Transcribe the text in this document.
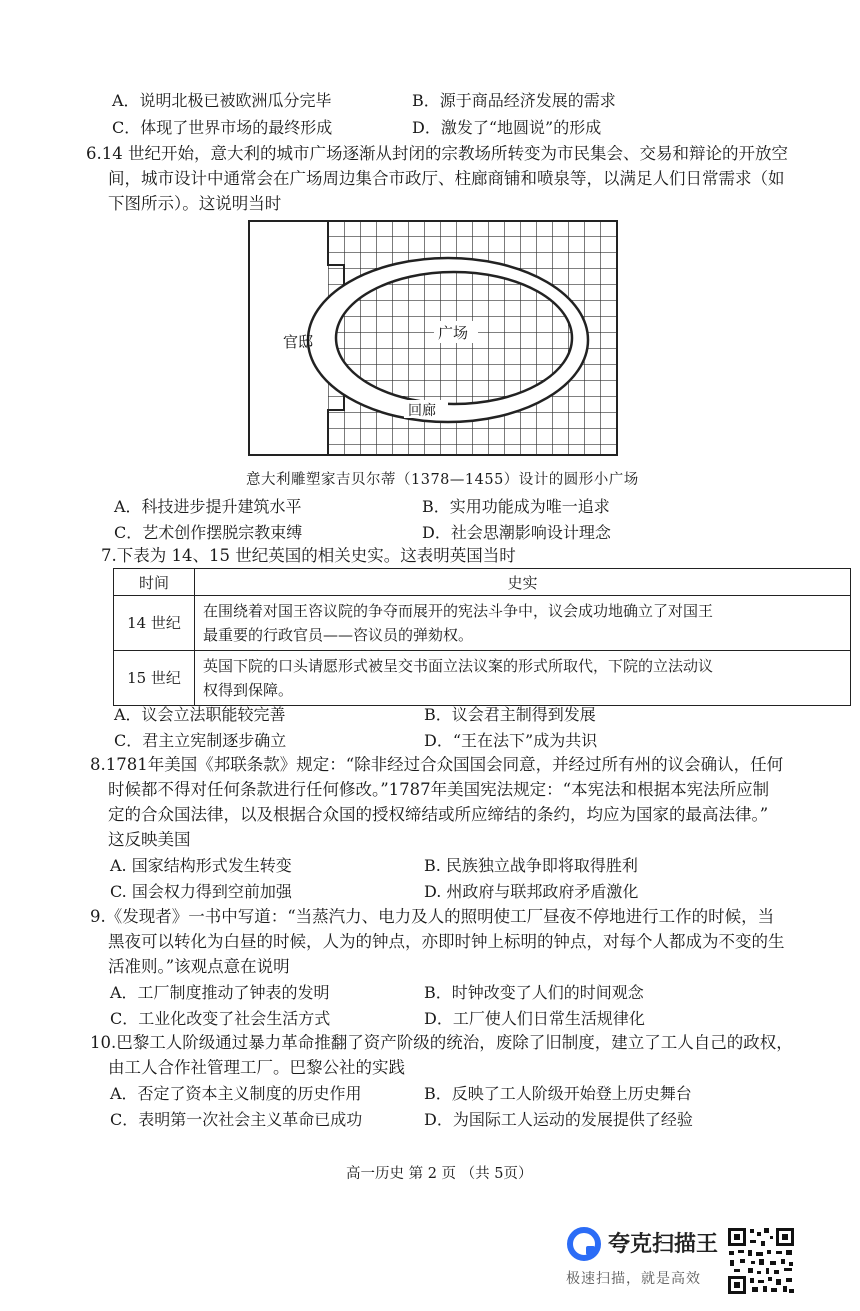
A．说明北极已被欧洲瓜分完毕	B．源于商品经济发展的需求
C．体现了世界市场的最终形成	D．激发了“地圆说”的形成
6.14 世纪开始，意大利的城市广场逐渐从封闭的宗教场所转变为市民集会、交易和辩论的开放空
间，城市设计中通常会在广场周边集合市政厅、柱廊商铺和喷泉等，以满足人们日常需求（如
下图所示）。这说明当时
官邸	广场
回廊
意大利雕塑家吉贝尔蒂（1378—1455）设计的圆形小广场
A．科技进步提升建筑水平	B．实用功能成为唯一追求
C．艺术创作摆脱宗教束缚	D．社会思潮影响设计理念
7.下表为 14、15 世纪英国的相关史实。这表明英国当时
时间	史实
14 世纪	在围绕着对国王咨议院的争夺而展开的宪法斗争中，议会成功地确立了对国王
最重要的行政官员——咨议员的弹劾权。

15 世纪	英国下院的口头请愿形式被呈交书面立法议案的形式所取代，下院的立法动议
权得到保障。
A．议会立法职能较完善	B．议会君主制得到发展
C．君主立宪制逐步确立	D．“王在法下”成为共识
8.1781年美国《邦联条款》规定：“除非经过合众国国会同意，并经过所有州的议会确认，任何
时候都不得对任何条款进行任何修改。”1787年美国宪法规定：“本宪法和根据本宪法所应制
定的合众国法律，以及根据合众国的授权缔结或所应缔结的条约，均应为国家的最高法律。”
这反映美国
A. 国家结构形式发生转变	B. 民族独立战争即将取得胜利
C. 国会权力得到空前加强	D. 州政府与联邦政府矛盾激化
9.《发现者》一书中写道：“当蒸汽力、电力及人的照明使工厂昼夜不停地进行工作的时候，当
黑夜可以转化为白昼的时候，人为的钟点，亦即时钟上标明的钟点，对每个人都成为不变的生
活准则。”该观点意在说明
A．工厂制度推动了钟表的发明	B．时钟改变了人们的时间观念
C．工业化改变了社会生活方式	D．工厂使人们日常生活规律化
10.巴黎工人阶级通过暴力革命推翻了资产阶级的统治，废除了旧制度，建立了工人自己的政权，
由工人合作社管理工厂。巴黎公社的实践
A．否定了资本主义制度的历史作用	B．反映了工人阶级开始登上历史舞台
C．表明第一次社会主义革命已成功	D．为国际工人运动的发展提供了经验
高一历史 第 2 页 （共 5页）
夸克扫描王
极速扫描，就是高效
